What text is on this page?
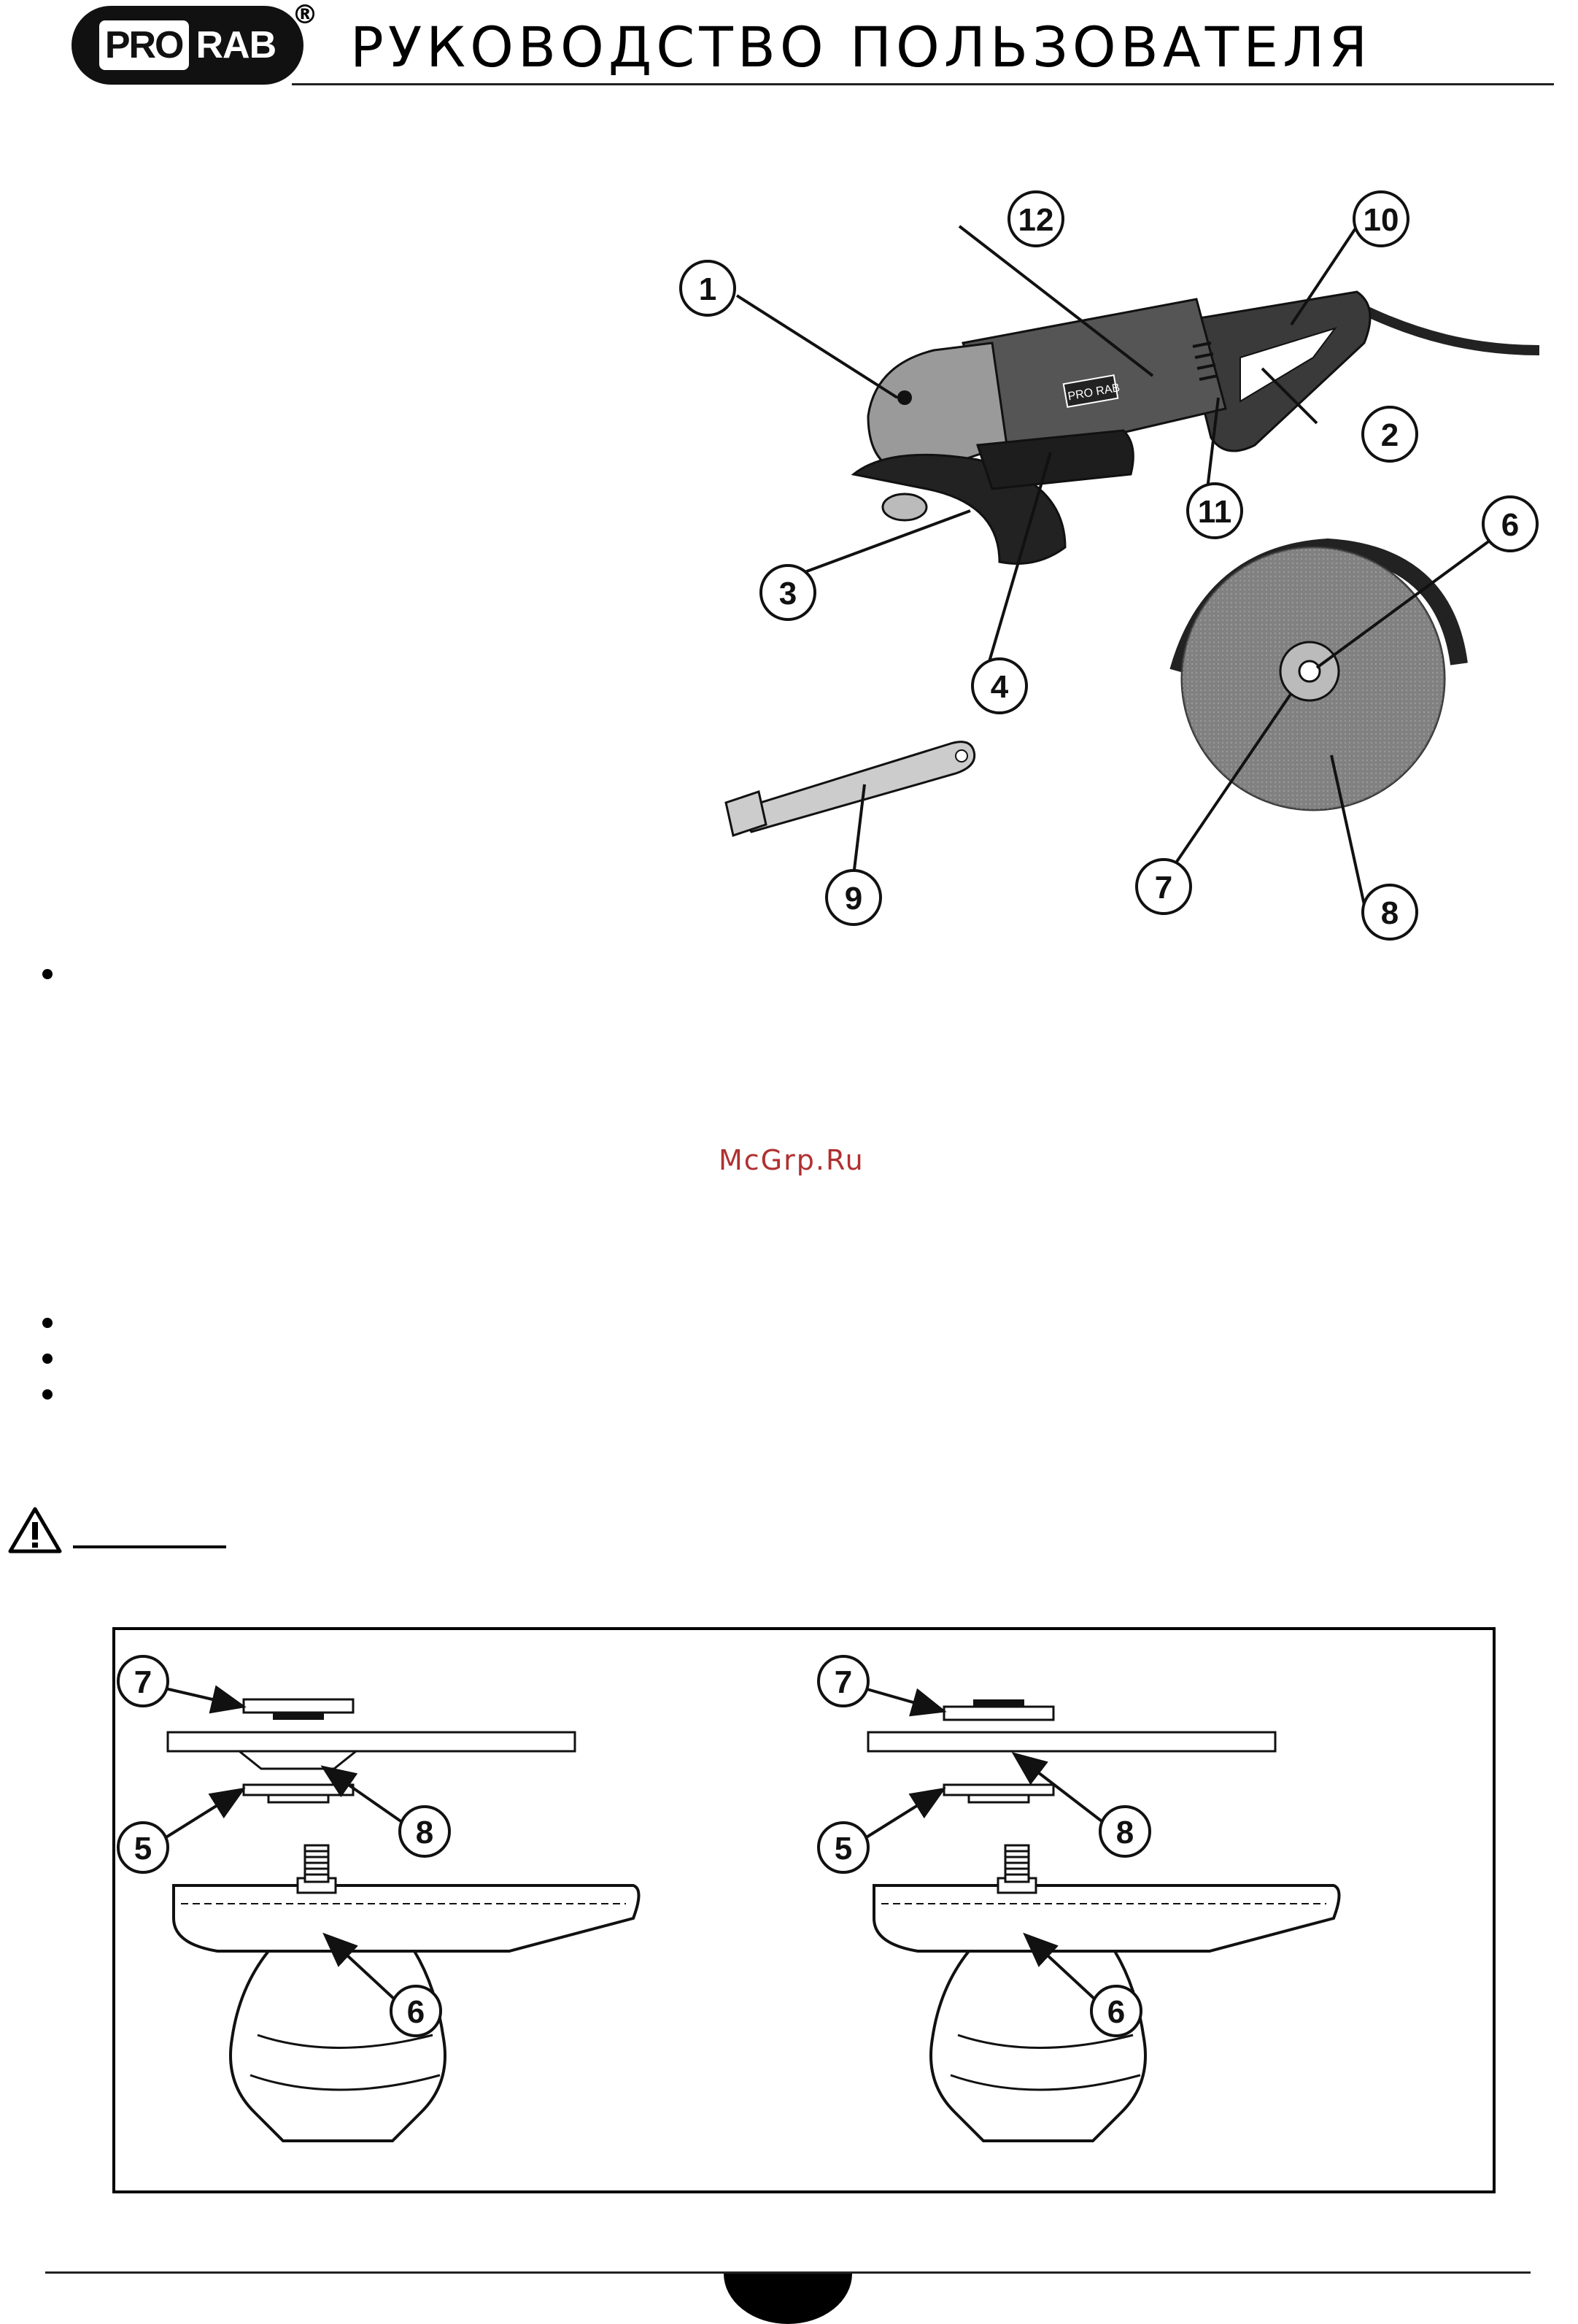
PRO RAB
® РУКОВОДСТВО ПОЛЬЗОВАТЕЛЯ
PRO RAB
1
2
3
4
6
7
8
9
10
11
12
McGrp.Ru
7
5	8
6
7
5	8
6
